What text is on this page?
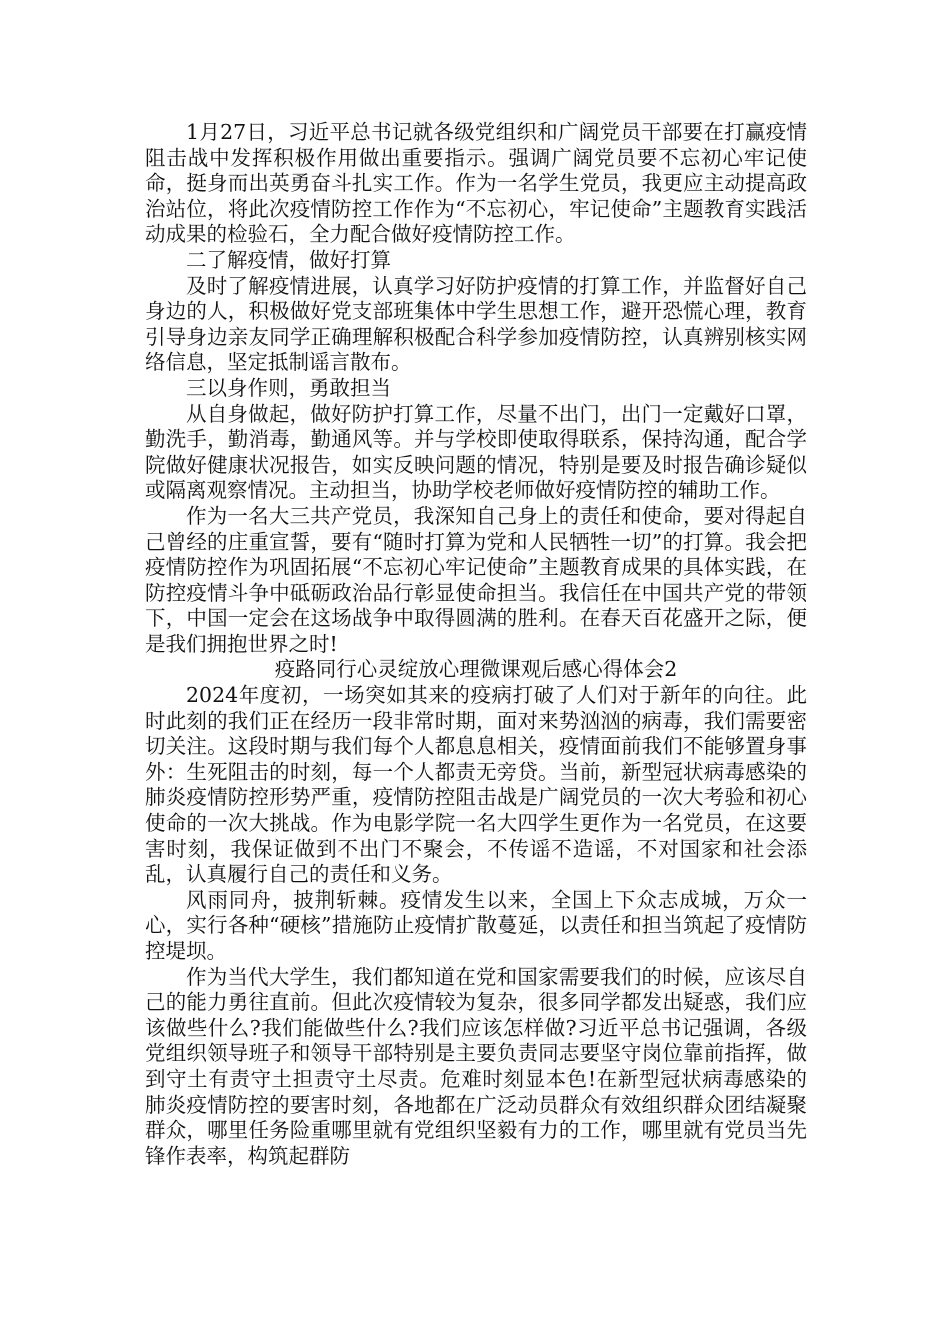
1月27日，习近平总书记就各级党组织和广阔党员干部要在打赢疫情阻击战中发挥积极作用做出重要指示。强调广阔党员要不忘初心牢记使命，挺身而出英勇奋斗扎实工作。作为一名学生党员，我更应主动提高政治站位，将此次疫情防控工作作为“不忘初心，牢记使命”主题教育实践活动成果的检验石，全力配合做好疫情防控工作。

二了解疫情，做好打算

及时了解疫情进展，认真学习好防护疫情的打算工作，并监督好自己身边的人，积极做好党支部班集体中学生思想工作，避开恐慌心理，教育引导身边亲友同学正确理解积极配合科学参加疫情防控，认真辨别核实网络信息，坚定抵制谣言散布。

三以身作则，勇敢担当

从自身做起，做好防护打算工作，尽量不出门，出门一定戴好口罩，勤洗手，勤消毒，勤通风等。并与学校即使取得联系，保持沟通，配合学院做好健康状况报告，如实反映问题的情况，特别是要及时报告确诊疑似或隔离观察情况。主动担当，协助学校老师做好疫情防控的辅助工作。

作为一名大三共产党员，我深知自己身上的责任和使命，要对得起自己曾经的庄重宣誓，要有“随时打算为党和人民牺牲一切”的打算。我会把疫情防控作为巩固拓展“不忘初心牢记使命”主题教育成果的具体实践，在防控疫情斗争中砥砺政治品行彰显使命担当。我信任在中国共产党的带领下，中国一定会在这场战争中取得圆满的胜利。在春天百花盛开之际，便是我们拥抱世界之时!

疫路同行心灵绽放心理微课观后感心得体会2

2024年度初，一场突如其来的疫病打破了人们对于新年的向往。此时此刻的我们正在经历一段非常时期，面对来势汹汹的病毒，我们需要密切关注。这段时期与我们每个人都息息相关，疫情面前我们不能够置身事外：生死阻击的时刻，每一个人都责无旁贷。当前，新型冠状病毒感染的肺炎疫情防控形势严重，疫情防控阻击战是广阔党员的一次大考验和初心使命的一次大挑战。作为电影学院一名大四学生更作为一名党员，在这要害时刻，我保证做到不出门不聚会，不传谣不造谣，不对国家和社会添乱，认真履行自己的责任和义务。

风雨同舟，披荆斩棘。疫情发生以来，全国上下众志成城，万众一心，实行各种“硬核”措施防止疫情扩散蔓延，以责任和担当筑起了疫情防控堤坝。

作为当代大学生，我们都知道在党和国家需要我们的时候，应该尽自己的能力勇往直前。但此次疫情较为复杂，很多同学都发出疑惑，我们应该做些什么?我们能做些什么?我们应该怎样做?习近平总书记强调，各级党组织领导班子和领导干部特别是主要负责同志要坚守岗位靠前指挥，做到守土有责守土担责守土尽责。危难时刻显本色!在新型冠状病毒感染的肺炎疫情防控的要害时刻，各地都在广泛动员群众有效组织群众团结凝聚群众，哪里任务险重哪里就有党组织坚毅有力的工作，哪里就有党员当先锋作表率，构筑起群防
